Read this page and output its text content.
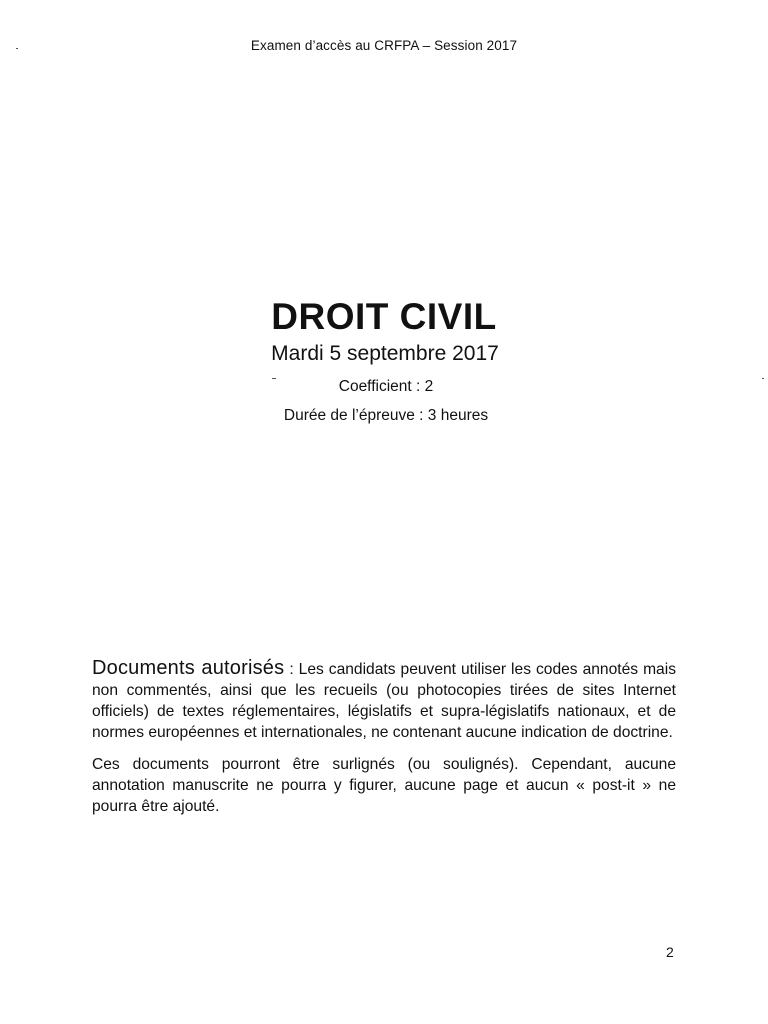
Examen d’accès au CRFPA – Session 2017
DROIT CIVIL
Mardi 5 septembre 2017
Coefficient : 2
Durée de l’épreuve : 3 heures

Documents autorisés : Les candidats peuvent utiliser les codes annotés mais non commentés, ainsi que les recueils (ou photocopies tirées de sites Internet officiels) de textes réglementaires, législatifs et supra-législatifs nationaux, et de normes européennes et internationales, ne contenant aucune indication de doctrine.

Ces documents pourront être surlignés (ou soulignés). Cependant, aucune annotation manuscrite ne pourra y figurer, aucune page et aucun « post-it » ne pourra être ajouté.

2
